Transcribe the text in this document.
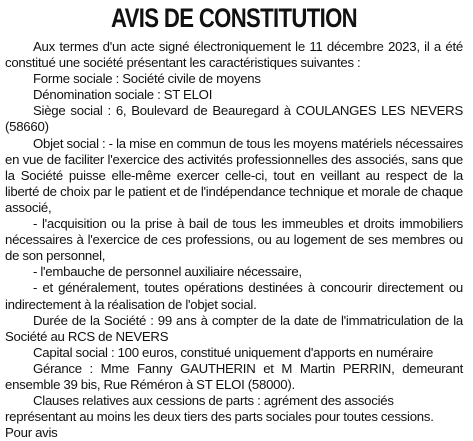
AVIS DE CONSTITUTION

Aux termes d'un acte signé électroniquement le 11 décembre 2023, il a été constitué une société présentant les caractéristiques suivantes :

Forme sociale : Société civile de moyens

Dénomination sociale : ST ELOI

Siège social : 6, Boulevard de Beauregard à COULANGES LES NEVERS (58660)

Objet social : - la mise en commun de tous les moyens matériels nécessaires en vue de faciliter l'exercice des activités professionnelles des associés, sans que la Société puisse elle-même exercer celle-ci, tout en veillant au respect de la liberté de choix par le patient et de l'indépendance technique et morale de chaque associé,

- l'acquisition ou la prise à bail de tous les immeubles et droits immobiliers nécessaires à l'exercice de ces professions, ou au logement de ses membres ou de son personnel,

- l'embauche de personnel auxiliaire nécessaire,

- et généralement, toutes opérations destinées à concourir directement ou indirectement à la réalisation de l'objet social.

Durée de la Société : 99 ans à compter de la date de l'immatriculation de la Société au RCS de NEVERS

Capital social : 100 euros, constitué uniquement d'apports en numéraire

Gérance : Mme Fanny GAUTHERIN et M Martin PERRIN, demeurant ensemble 39 bis, Rue Réméron à ST ELOI (58000).

Clauses relatives aux cessions de parts : agrément des associés représentant au moins les deux tiers des parts sociales pour toutes cessions. Pour avis
